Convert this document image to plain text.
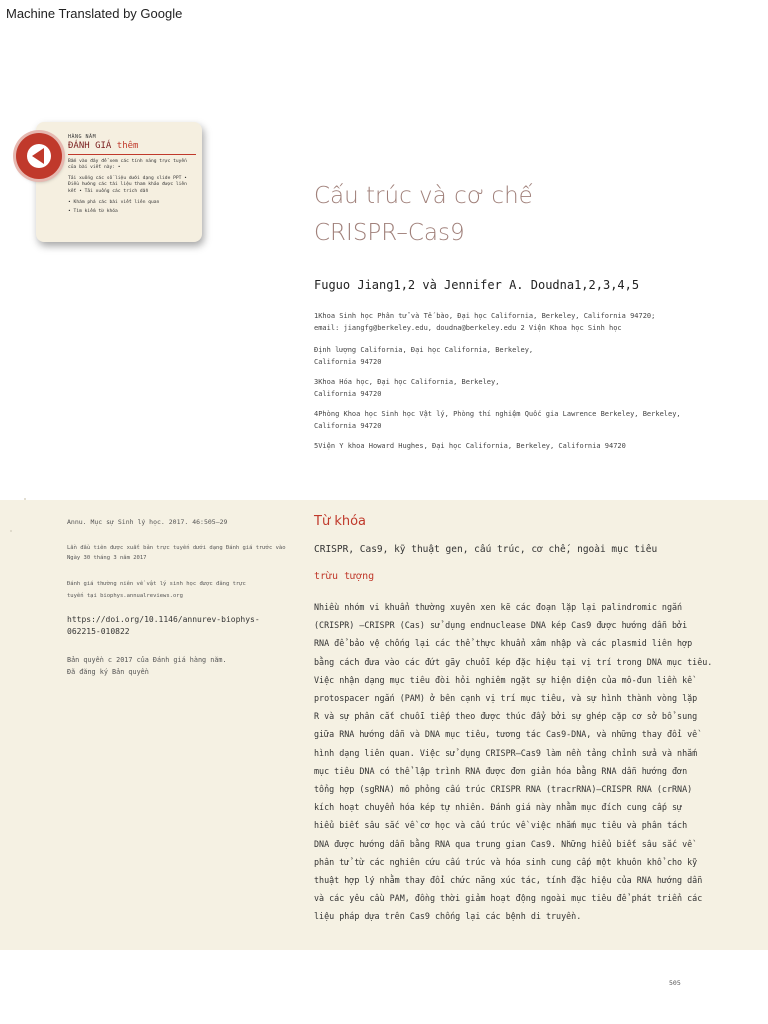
Machine Translated by Google
HÀNG NĂM
ĐÁNH GIÁ thêm

Bấm vào đây để xem các tính năng trực tuyến của bài viết này: •

Tải xuống các số liệu dưới dạng slide PPT • Điều hướng các tài liệu tham khảo được liên kết • Tải xuống các trích dẫn

• Khám phá các bài viết liên quan
• Tìm kiếm từ khóa
Cấu trúc và cơ chế
CRISPR–Cas9
Fuguo Jiang1,2 và Jennifer A. Doudna1,2,3,4,5
1Khoa Sinh học Phân tử và Tế bào, Đại học California, Berkeley, California 94720;
email: jiangfg@berkeley.edu, doudna@berkeley.edu 2 Viện Khoa học Sinh học
Định lượng California, Đại học California, Berkeley,
California 94720
3Khoa Hóa học, Đại học California, Berkeley,
California 94720
4Phòng Khoa học Sinh học Vật lý, Phòng thí nghiệm Quốc gia Lawrence Berkeley, Berkeley,
California 94720
5Viện Y khoa Howard Hughes, Đại học California, Berkeley, California 94720
Annu. Mục sự Sinh lý học. 2017. 46:505–29
Lần đầu tiên được xuất bản trực tuyến dưới dạng Đánh giá trước vào
Ngày 30 tháng 3 năm 2017
Đánh giá thường niên về vật lý sinh học được đăng trực
tuyến tại biophys.annualreviews.org
https://doi.org/10.1146/annurev-biophys-
062215-010822
Bản quyền c 2017 của Đánh giá hàng năm.
Đã đăng ký Bản quyền
Từ khóa
CRISPR, Cas9, kỹ thuật gen, cấu trúc, cơ chế, ngoài mục tiêu
trừu tượng
Nhiều nhóm vi khuẩn thường xuyên xen kẽ các đoạn lặp lại palindromic ngắn
(CRISPR) –CRISPR (Cas) sử dụng endnuclease DNA kép Cas9 được hướng dẫn bởi
RNA để bảo vệ chống lại các thể thực khuẩn xâm nhập và các plasmid liên hợp
bằng cách đưa vào các đứt gãy chuỗi kép đặc hiệu tại vị trí trong DNA mục tiêu.
Việc nhận dạng mục tiêu đòi hỏi nghiêm ngặt sự hiện diện của mô-đun liền kề
protospacer ngắn (PAM) ở bên cạnh vị trí mục tiêu, và sự hình thành vòng lặp
R và sự phân cắt chuỗi tiếp theo được thúc đẩy bởi sự ghép cặp cơ sở bổ sung
giữa RNA hướng dẫn và DNA mục tiêu, tương tác Cas9-DNA, và những thay đổi về
hình dạng liên quan. Việc sử dụng CRISPR–Cas9 làm nền tảng chỉnh sửa và nhắm
mục tiêu DNA có thể lập trình RNA được đơn giản hóa bằng RNA dẫn hướng đơn
tổng hợp (sgRNA) mô phỏng cấu trúc CRISPR RNA (tracrRNA)–CRISPR RNA (crRNA)
kích hoạt chuyển hóa kép tự nhiên. Đánh giá này nhằm mục đích cung cấp sự
hiểu biết sâu sắc về cơ học và cấu trúc về việc nhắm mục tiêu và phân tách
DNA được hướng dẫn bằng RNA qua trung gian Cas9. Những hiểu biết sâu sắc về
phân tử từ các nghiên cứu cấu trúc và hóa sinh cung cấp một khuôn khổ cho kỹ
thuật hợp lý nhằm thay đổi chức năng xúc tác, tính đặc hiệu của RNA hướng dẫn
và các yêu cầu PAM, đồng thời giảm hoạt động ngoài mục tiêu để phát triển các
liệu pháp dựa trên Cas9 chống lại các bệnh di truyền.
505
